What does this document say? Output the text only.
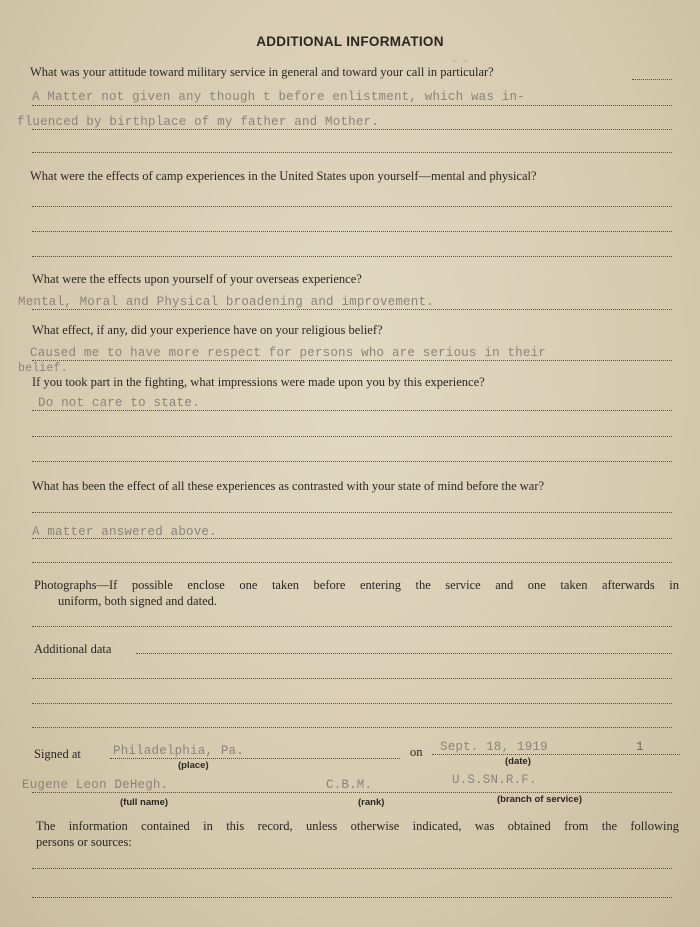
ADDITIONAL INFORMATION
~ ~
What was your attitude toward military service in general and toward your call in particular?
A Matter not given any though t before enlistment, which was in-
fluenced by birthplace of my father and Mother.
What were the effects of camp experiences in the United States upon yourself—mental and physical?
What were the effects upon yourself of your overseas experience?
Mental, Moral and Physical broadening and improvement.
What effect, if any, did your experience have on your religious belief?
Caused me to have more respect for persons who are serious in their
belief.
If you took part in the fighting, what impressions were made upon you by this experience?
Do not care to state.
What has been the effect of all these experiences as contrasted with your state of mind before the war?
A matter answered above.
Photographs—If possible enclose one taken before entering the service and one taken afterwards in
uniform, both signed and dated.
Additional data
Signed at	Philadelphia, Pa.
(place)
on Sept. 18, 1919	1
(date)
Eugene Leon DeHegh.	C.B.M.	U.S.SN.R.F.
(full name)	(rank)	(branch of service)
The information contained in this record, unless otherwise indicated, was obtained from the following
persons or sources:
